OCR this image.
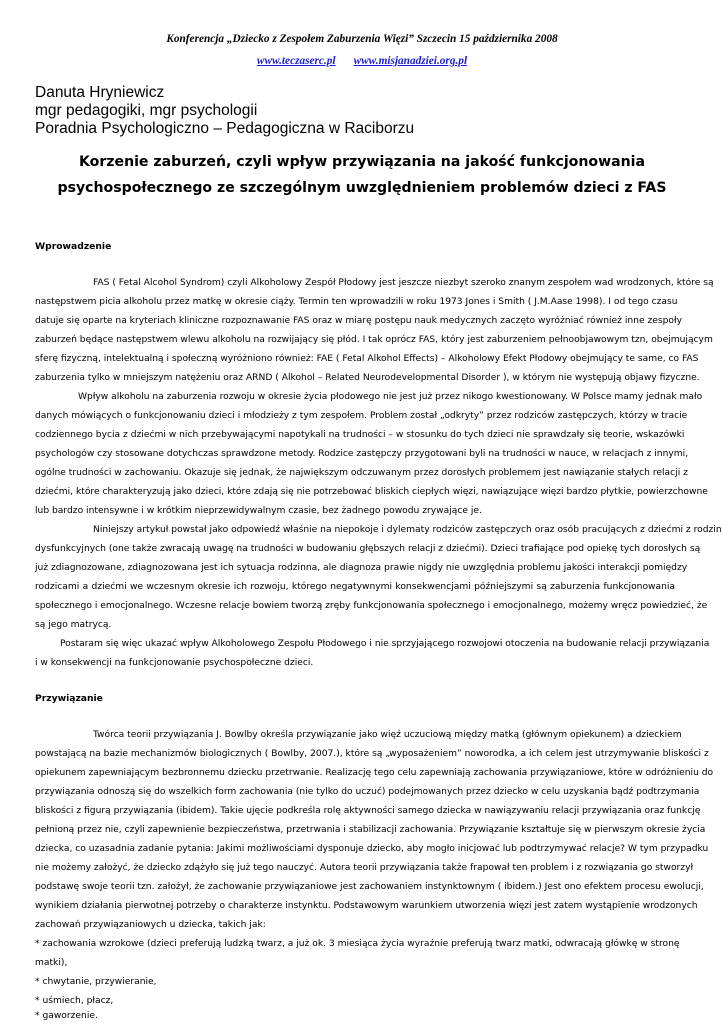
Konferencja „Dziecko z Zespołem Zaburzenia Więzi” Szczecin 15 października 2008
www.teczaserc.pl www.misjanadziei.org.pl
Danuta Hryniewicz
mgr pedagogiki, mgr psychologii
Poradnia Psychologiczno – Pedagogiczna w Raciborzu
Korzenie zaburzeń, czyli wpływ przywiązania na jakość funkcjonowania
psychospołecznego ze szczególnym uwzględnieniem problemów dzieci z FAS
Wprowadzenie
FAS ( Fetal Alcohol Syndrom) czyli Alkoholowy Zespół Płodowy jest jeszcze niezbyt szeroko znanym zespołem wad wrodzonych, które są
następstwem picia alkoholu przez matkę w okresie ciąży. Termin ten wprowadzili w roku 1973 Jones i Smith ( J.M.Aase 1998). I od tego czasu
datuje się oparte na kryteriach kliniczne rozpoznawanie FAS oraz w miarę postępu nauk medycznych zaczęto wyróżniać również inne zespoły
zaburzeń będące następstwem wlewu alkoholu na rozwijający się płód. I tak oprócz FAS, który jest zaburzeniem pełnoobjawowym tzn, obejmującym
sferę fizyczną, intelektualną i społeczną wyróżniono również: FAE ( Fetal Alkohol Effects) – Alkoholowy Efekt Płodowy obejmujący te same, co FAS
zaburzenia tylko w mniejszym natężeniu oraz ARND ( Alkohol – Related Neurodevelopmental Disorder ), w którym nie występują objawy fizyczne.
Wpływ alkoholu na zaburzenia rozwoju w okresie życia płodowego nie jest już przez nikogo kwestionowany. W Polsce mamy jednak mało
danych mówiących o funkcjonowaniu dzieci i młodzieży z tym zespołem. Problem został „odkryty” przez rodziców zastępczych, którzy w tracie
codziennego bycia z dziećmi w nich przebywającymi napotykali na trudności – w stosunku do tych dzieci nie sprawdzały się teorie, wskazówki
psychologów czy stosowane dotychczas sprawdzone metody. Rodzice zastępczy przygotowani byli na trudności w nauce, w relacjach z innymi,
ogólne trudności w zachowaniu. Okazuje się jednak, że największym odczuwanym przez dorosłych problemem jest nawiązanie stałych relacji z
dziećmi, które charakteryzują jako dzieci, które zdają się nie potrzebować bliskich ciepłych więzi, nawiązujące więzi bardzo płytkie, powierzchowne
lub bardzo intensywne i w krótkim nieprzewidywalnym czasie, bez żadnego powodu zrywające je.
Niniejszy artykuł powstał jako odpowiedź właśnie na niepokoje i dylematy rodziców zastępczych oraz osób pracujących z dziećmi z rodzin
dysfunkcyjnych (one także zwracają uwagę na trudności w budowaniu głębszych relacji z dziećmi). Dzieci trafiające pod opiekę tych dorosłych są
już zdiagnozowane, zdiagnozowana jest ich sytuacja rodzinna, ale diagnoza prawie nigdy nie uwzględnia problemu jakości interakcji pomiędzy
rodzicami a dziećmi we wczesnym okresie ich rozwoju, którego negatywnymi konsekwencjami późniejszymi są zaburzenia funkcjonowania
społecznego i emocjonalnego. Wczesne relacje bowiem tworzą zręby funkcjonowania społecznego i emocjonalnego, możemy wręcz powiedzieć, że
są jego matrycą.
Postaram się więc ukazać wpływ Alkoholowego Zespołu Płodowego i nie sprzyjającego rozwojowi otoczenia na budowanie relacji przywiązania
i w konsekwencji na funkcjonowanie psychospołeczne dzieci.
Przywiązanie
Twórca teorii przywiązania J. Bowlby określa przywiązanie jako więź uczuciową między matką (głównym opiekunem) a dzieckiem
powstającą na bazie mechanizmów biologicznych ( Bowlby, 2007.), które są „wyposażeniem” noworodka, a ich celem jest utrzymywanie bliskości z
opiekunem zapewniającym bezbronnemu dziecku przetrwanie. Realizację tego celu zapewniają zachowania przywiązaniowe, które w odróżnieniu do
przywiązania odnoszą się do wszelkich form zachowania (nie tylko do uczuć) podejmowanych przez dziecko w celu uzyskania bądź podtrzymania
bliskości z figurą przywiązania (ibidem). Takie ujęcie podkreśla rolę aktywności samego dziecka w nawiązywaniu relacji przywiązania oraz funkcję
pełnioną przez nie, czyli zapewnienie bezpieczeństwa, przetrwania i stabilizacji zachowania. Przywiązanie kształtuje się w pierwszym okresie życia
dziecka, co uzasadnia zadanie pytania: Jakimi możliwościami dysponuje dziecko, aby mogło inicjować lub podtrzymywać relacje? W tym przypadku
nie możemy założyć, że dziecko zdążyło się już tego nauczyć. Autora teorii przywiązania także frapował ten problem i z rozwiązania go stworzył
podstawę swoje teorii tzn. założył, że zachowanie przywiązaniowe jest zachowaniem instynktownym ( ibidem.) Jest ono efektem procesu ewolucji,
wynikiem działania pierwotnej potrzeby o charakterze instynktu. Podstawowym warunkiem utworzenia więzi jest zatem wystąpienie wrodzonych
zachowań przywiązaniowych u dziecka, takich jak:
* zachowania wzrokowe (dzieci preferują ludzką twarz, a już ok. 3 miesiąca życia wyraźnie preferują twarz matki, odwracają główkę w stronę
matki),
* chwytanie, przywieranie,
* uśmiech, płacz,
* gaworzenie.
